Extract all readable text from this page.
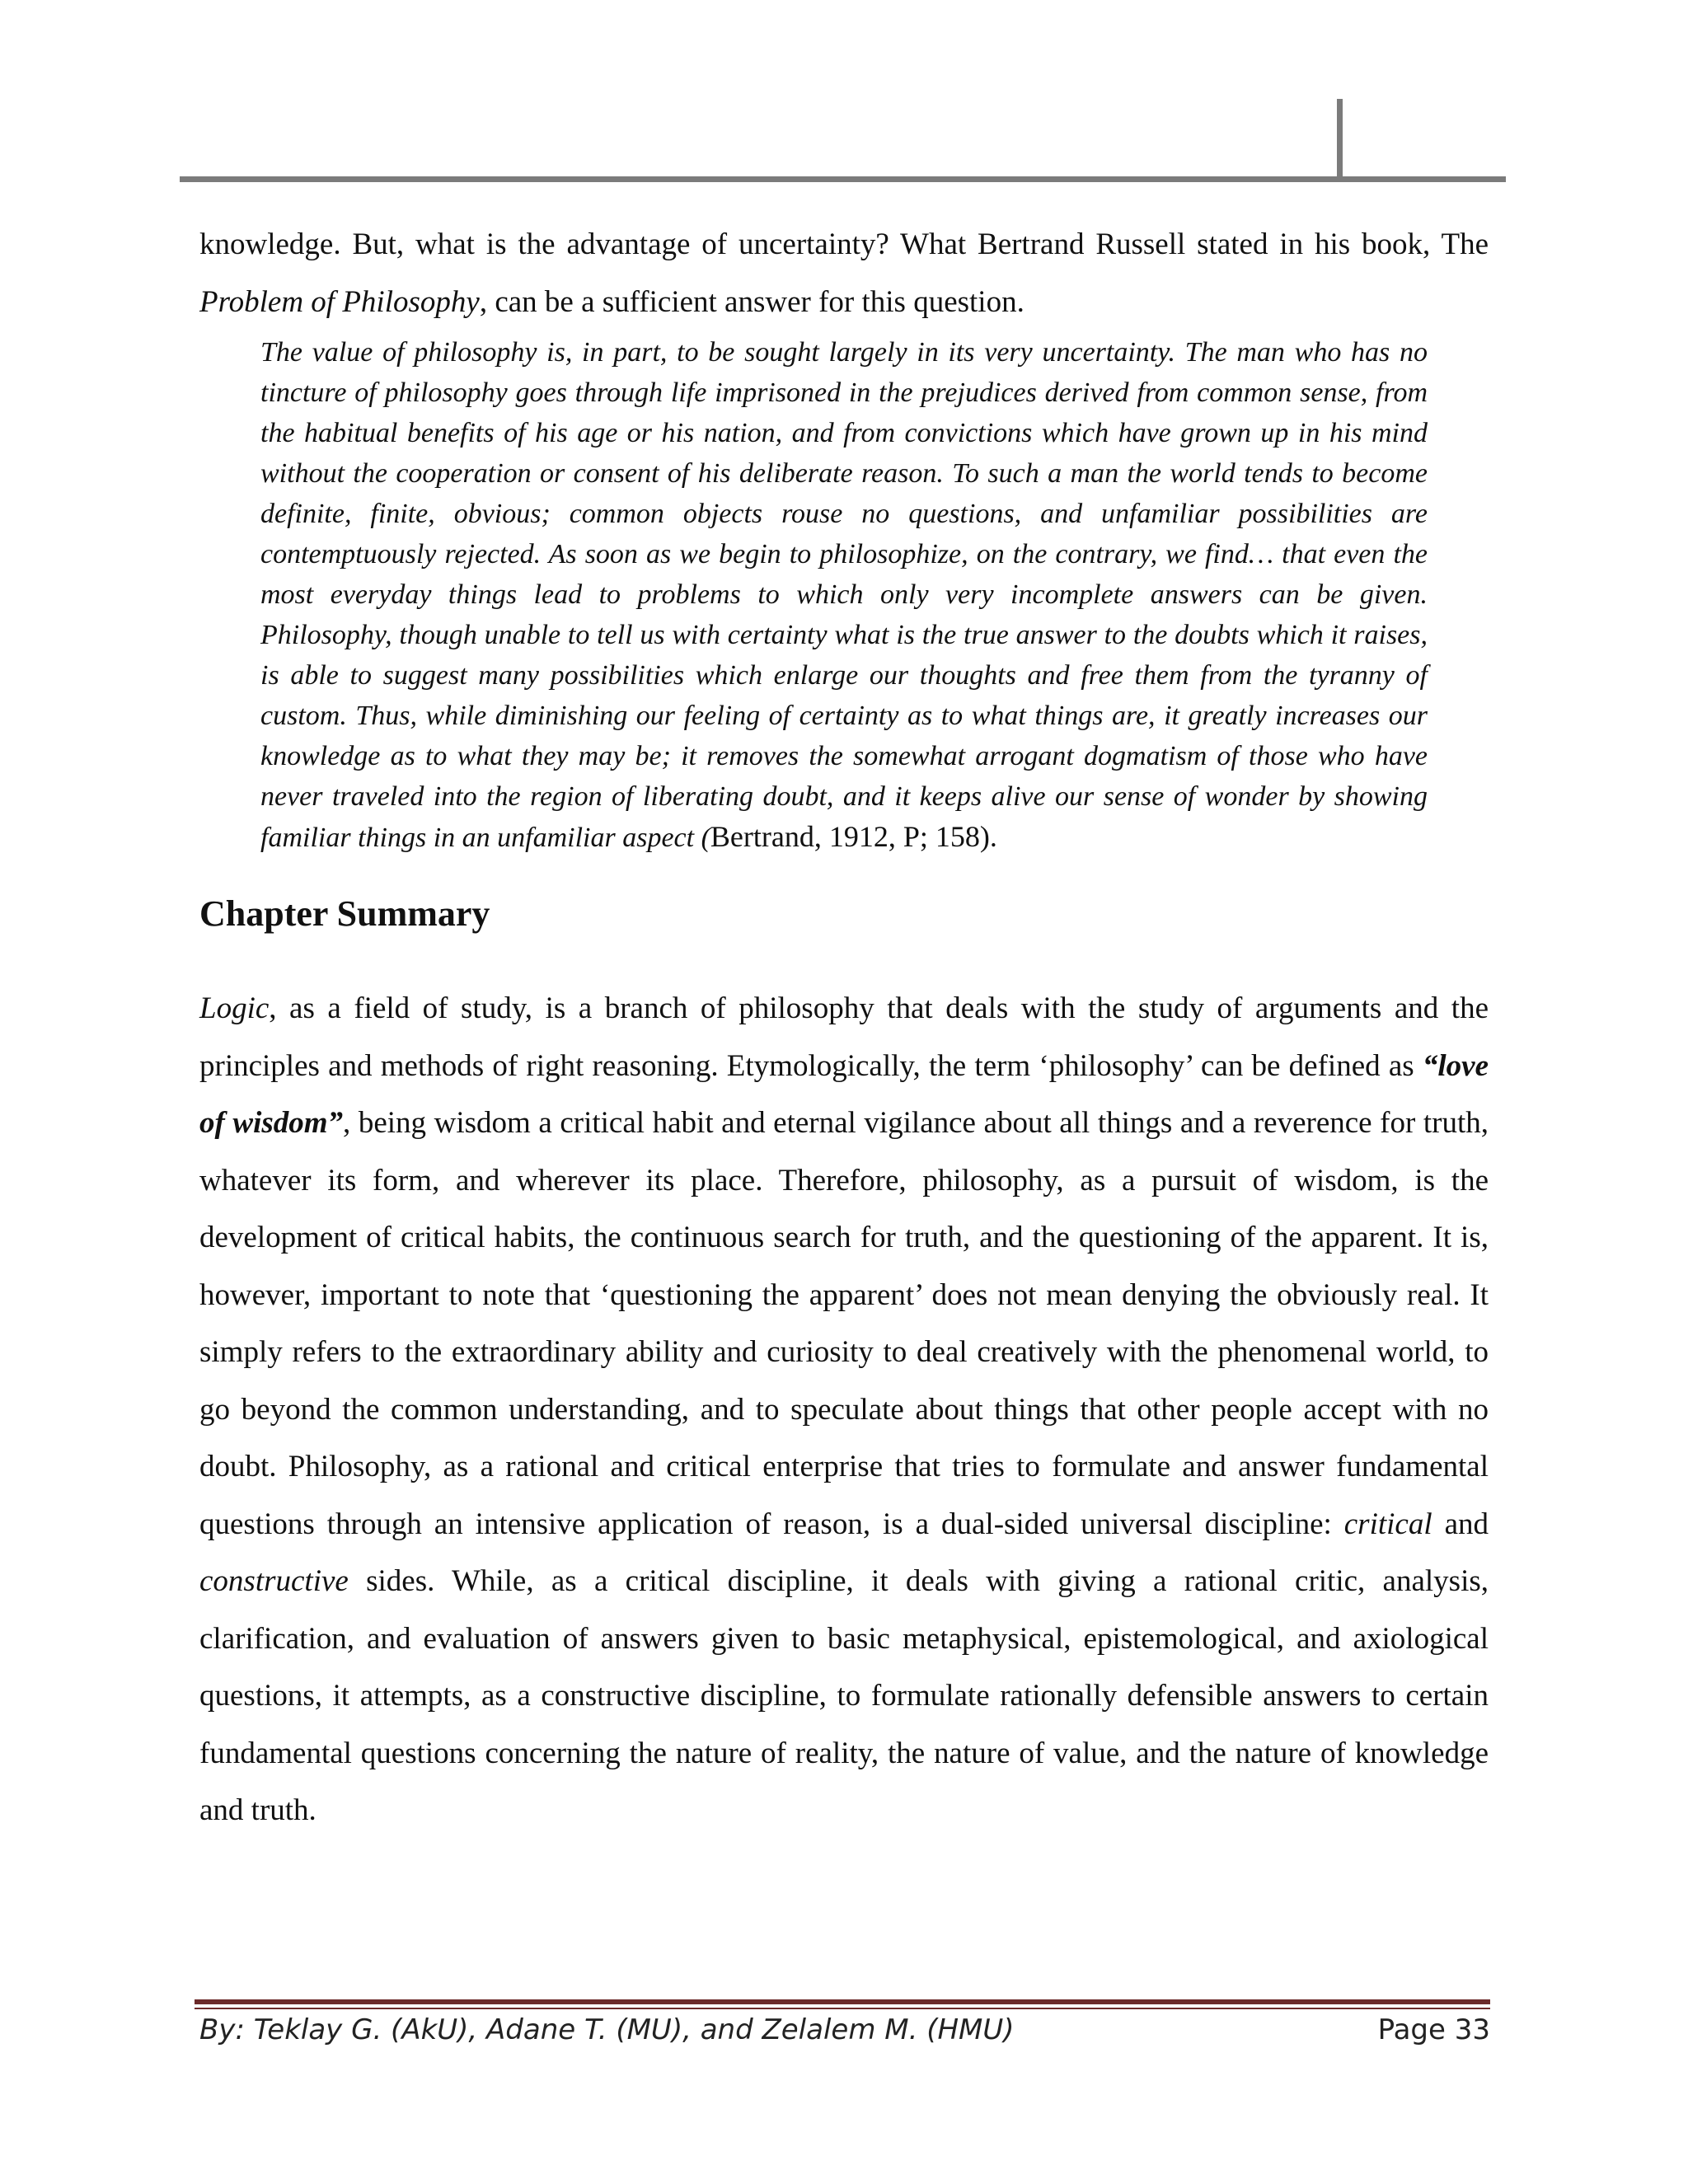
knowledge. But, what is the advantage of uncertainty? What Bertrand Russell stated in his book, The Problem of Philosophy, can be a sufficient answer for this question.

The value of philosophy is, in part, to be sought largely in its very uncertainty. The man who has no tincture of philosophy goes through life imprisoned in the prejudices derived from common sense, from the habitual benefits of his age or his nation, and from convictions which have grown up in his mind without the cooperation or consent of his deliberate reason. To such a man the world tends to become definite, finite, obvious; common objects rouse no questions, and unfamiliar possibilities are contemptuously rejected. As soon as we begin to philosophize, on the contrary, we find… that even the most everyday things lead to problems to which only very incomplete answers can be given. Philosophy, though unable to tell us with certainty what is the true answer to the doubts which it raises, is able to suggest many possibilities which enlarge our thoughts and free them from the tyranny of custom. Thus, while diminishing our feeling of certainty as to what things are, it greatly increases our knowledge as to what they may be; it removes the somewhat arrogant dogmatism of those who have never traveled into the region of liberating doubt, and it keeps alive our sense of wonder by showing familiar things in an unfamiliar aspect (Bertrand, 1912, P; 158).

Chapter Summary

Logic, as a field of study, is a branch of philosophy that deals with the study of arguments and the principles and methods of right reasoning. Etymologically, the term ‘philosophy’ can be defined as “love of wisdom”, being wisdom a critical habit and eternal vigilance about all things and a reverence for truth, whatever its form, and wherever its place. Therefore, philosophy, as a pursuit of wisdom, is the development of critical habits, the continuous search for truth, and the questioning of the apparent. It is, however, important to note that ‘questioning the apparent’ does not mean denying the obviously real. It simply refers to the extraordinary ability and curiosity to deal creatively with the phenomenal world, to go beyond the common understanding, and to speculate about things that other people accept with no doubt. Philosophy, as a rational and critical enterprise that tries to formulate and answer fundamental questions through an intensive application of reason, is a dual-sided universal discipline: critical and constructive sides. While, as a critical discipline, it deals with giving a rational critic, analysis, clarification, and evaluation of answers given to basic metaphysical, epistemological, and axiological questions, it attempts, as a constructive discipline, to formulate rationally defensible answers to certain fundamental questions concerning the nature of reality, the nature of value, and the nature of knowledge and truth.

By: Teklay G. (AkU), Adane T. (MU), and Zelalem M. (HMU)	Page 33
